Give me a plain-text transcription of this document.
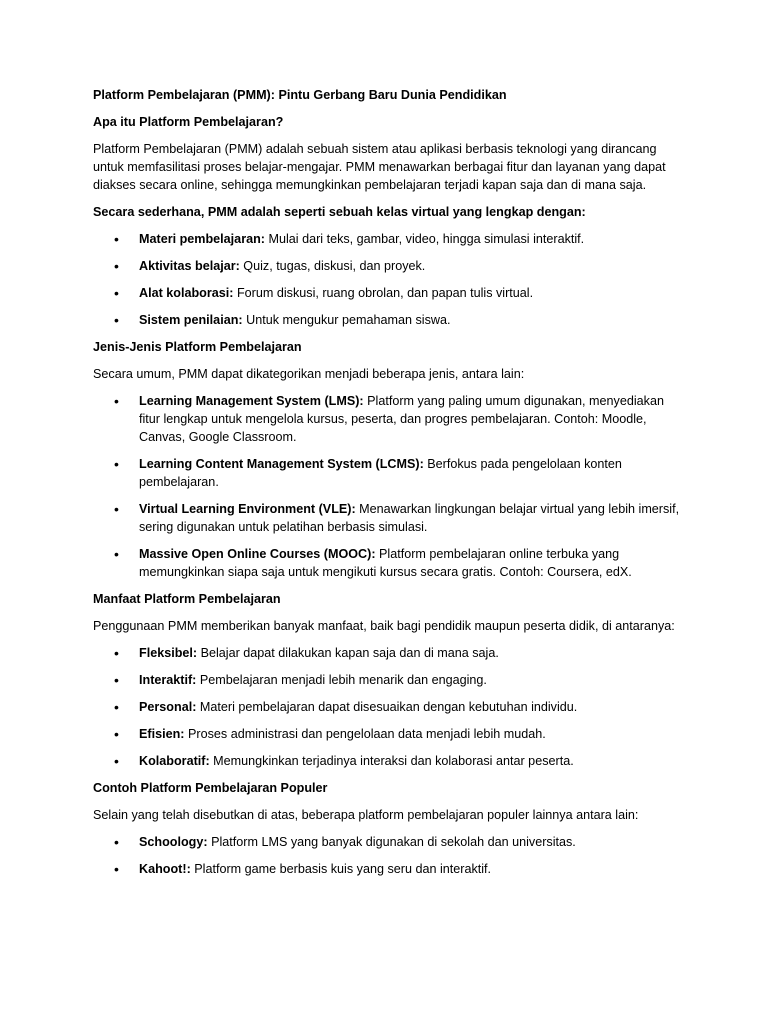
Platform Pembelajaran (PMM): Pintu Gerbang Baru Dunia Pendidikan

Apa itu Platform Pembelajaran?

Platform Pembelajaran (PMM) adalah sebuah sistem atau aplikasi berbasis teknologi yang dirancang untuk memfasilitasi proses belajar-mengajar. PMM menawarkan berbagai fitur dan layanan yang dapat diakses secara online, sehingga memungkinkan pembelajaran terjadi kapan saja dan di mana saja.

Secara sederhana, PMM adalah seperti sebuah kelas virtual yang lengkap dengan:

• Materi pembelajaran: Mulai dari teks, gambar, video, hingga simulasi interaktif.
• Aktivitas belajar: Quiz, tugas, diskusi, dan proyek.
• Alat kolaborasi: Forum diskusi, ruang obrolan, dan papan tulis virtual.
• Sistem penilaian: Untuk mengukur pemahaman siswa.

Jenis-Jenis Platform Pembelajaran

Secara umum, PMM dapat dikategorikan menjadi beberapa jenis, antara lain:

• Learning Management System (LMS): Platform yang paling umum digunakan, menyediakan fitur lengkap untuk mengelola kursus, peserta, dan progres pembelajaran. Contoh: Moodle, Canvas, Google Classroom.
• Learning Content Management System (LCMS): Berfokus pada pengelolaan konten pembelajaran.
• Virtual Learning Environment (VLE): Menawarkan lingkungan belajar virtual yang lebih imersif, sering digunakan untuk pelatihan berbasis simulasi.
• Massive Open Online Courses (MOOC): Platform pembelajaran online terbuka yang memungkinkan siapa saja untuk mengikuti kursus secara gratis. Contoh: Coursera, edX.

Manfaat Platform Pembelajaran

Penggunaan PMM memberikan banyak manfaat, baik bagi pendidik maupun peserta didik, di antaranya:

• Fleksibel: Belajar dapat dilakukan kapan saja dan di mana saja.
• Interaktif: Pembelajaran menjadi lebih menarik dan engaging.
• Personal: Materi pembelajaran dapat disesuaikan dengan kebutuhan individu.
• Efisien: Proses administrasi dan pengelolaan data menjadi lebih mudah.
• Kolaboratif: Memungkinkan terjadinya interaksi dan kolaborasi antar peserta.

Contoh Platform Pembelajaran Populer

Selain yang telah disebutkan di atas, beberapa platform pembelajaran populer lainnya antara lain:

• Schoology: Platform LMS yang banyak digunakan di sekolah dan universitas.
• Kahoot!: Platform game berbasis kuis yang seru dan interaktif.
